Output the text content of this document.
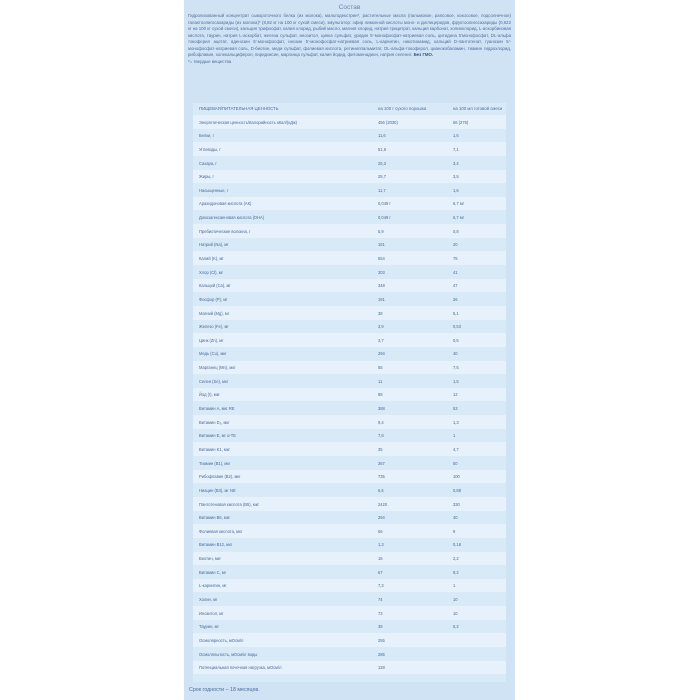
Состав
Гидролизованный концентрат сывороточного белка (из молока), мальтодекстрин*, растительные масла (пальмовое, рапсовое, кокосовое, подсолнечное) галактоолигосахариды (из молока)* (8,82 кг на 100 кг сухой смеси), эмульгатор: эфир лимонной кислоты моно- и диглицеридов, фруктоолигосахариды (0,622 кг на 100 кг сухой смеси), кальция трифосфат, калия хлорид, рыбий масло, магния хлорид, натрия трицитрат, кальция карбонат, холинхлорид, L-аскорбиновая кислота, таурин, натрия L-аскорбат, железа сульфат, инозитол, цинка сульфат, уридин 5'-монофосфат-натриевая соль, цитидина 5'монофосфат, DL-альфа токоферил ацетат, аденозин 5'-монофосфат, инозин 5'-монофосфат-натриевая соль, L-карнитин, никотинамид, кальций D-пантотенат, гуанозин 5'-монофосфат-натриевая соль, D-биотин, меди сульфат, фолиевая кислота, ретинилпальмитат, DL-альфа-токоферол, цианокобаламин, тиамин гидрохлорид, рибофлавин, холекальциферол, пиридоксин, марганца сульфат, калия йодид, фитоменадион, натрия селенит. Без ГМО.
*= твердые вещества
ПИЩЕВАЯ/ПИТАТЕЛЬНАЯ ЦЕННОСТЬ	на 100 г сухого порошка	на 100 мл готовой смеси
Энергетическая ценность/Калорийность кКал/(кДж)	456 (2030)	66 (276)
Белки, г	11,6	1,6
Углеводы, г	51,9	7,1
Сахара, г	25,3	3,4
Жиры, г	25,7	3,5
Насыщенные, г	11,7	1,6
Арахидоновая кислота (АК)	0,049 г	6,7 мг
Докозагексаеновая кислота (DHA)	0,049 г	6,7 мг
Пребиотические волокна, г	5,9	0,8
Натрий (Na), мг	151	20
Калий (K), мг	554	75
Хлор (Cl), мг	303	41
Кальций (Ca), мг	348	47
Фосфор (P), мг	191	26
Магний (Mg), мг	38	5,1
Железо (Fe), мг	3,9	0,53
Цинк (Zn), мг	3,7	0,5
Медь (Cu), мкг	294	40
Марганец (Mn), мкг	55	7,5
Селен (Se), мкг	11	1,5
Йод (I), мкг	88	12
Витамин A, мкг RE	388	53
Витамин D₃, мкг	9,4	1,3
Витамин E, мг α-TE	7,8	1
Витамин K1, мкг	35	4,7
Тиамин (B1), мкг	367	50
Рибофлавин (B2), мкг	735	100
Ниацин (B3), мг NE	6,5	0,88
Пантотеновая кислота (B5), мкг	2420	330
Витамин B6, мкг	294	40
Фолиевая кислота, мкг	66	9
Витамин B12, мкг	1,3	0,18
Биотин, мкг	16	2,2
Витамин C, мг	67	9,2
L-карнитин, мг	7,3	1
Холин, мг	74	10
Инозитол, мг	73	10
Таурин, мг	38	5,2
Осмолярность, мОсм/л	255
Осмоляльность, мОсм/кг воды	285
Потенциальная почечная нагрузка, мОсм/л	128
Срок годности – 18 месяцев.
